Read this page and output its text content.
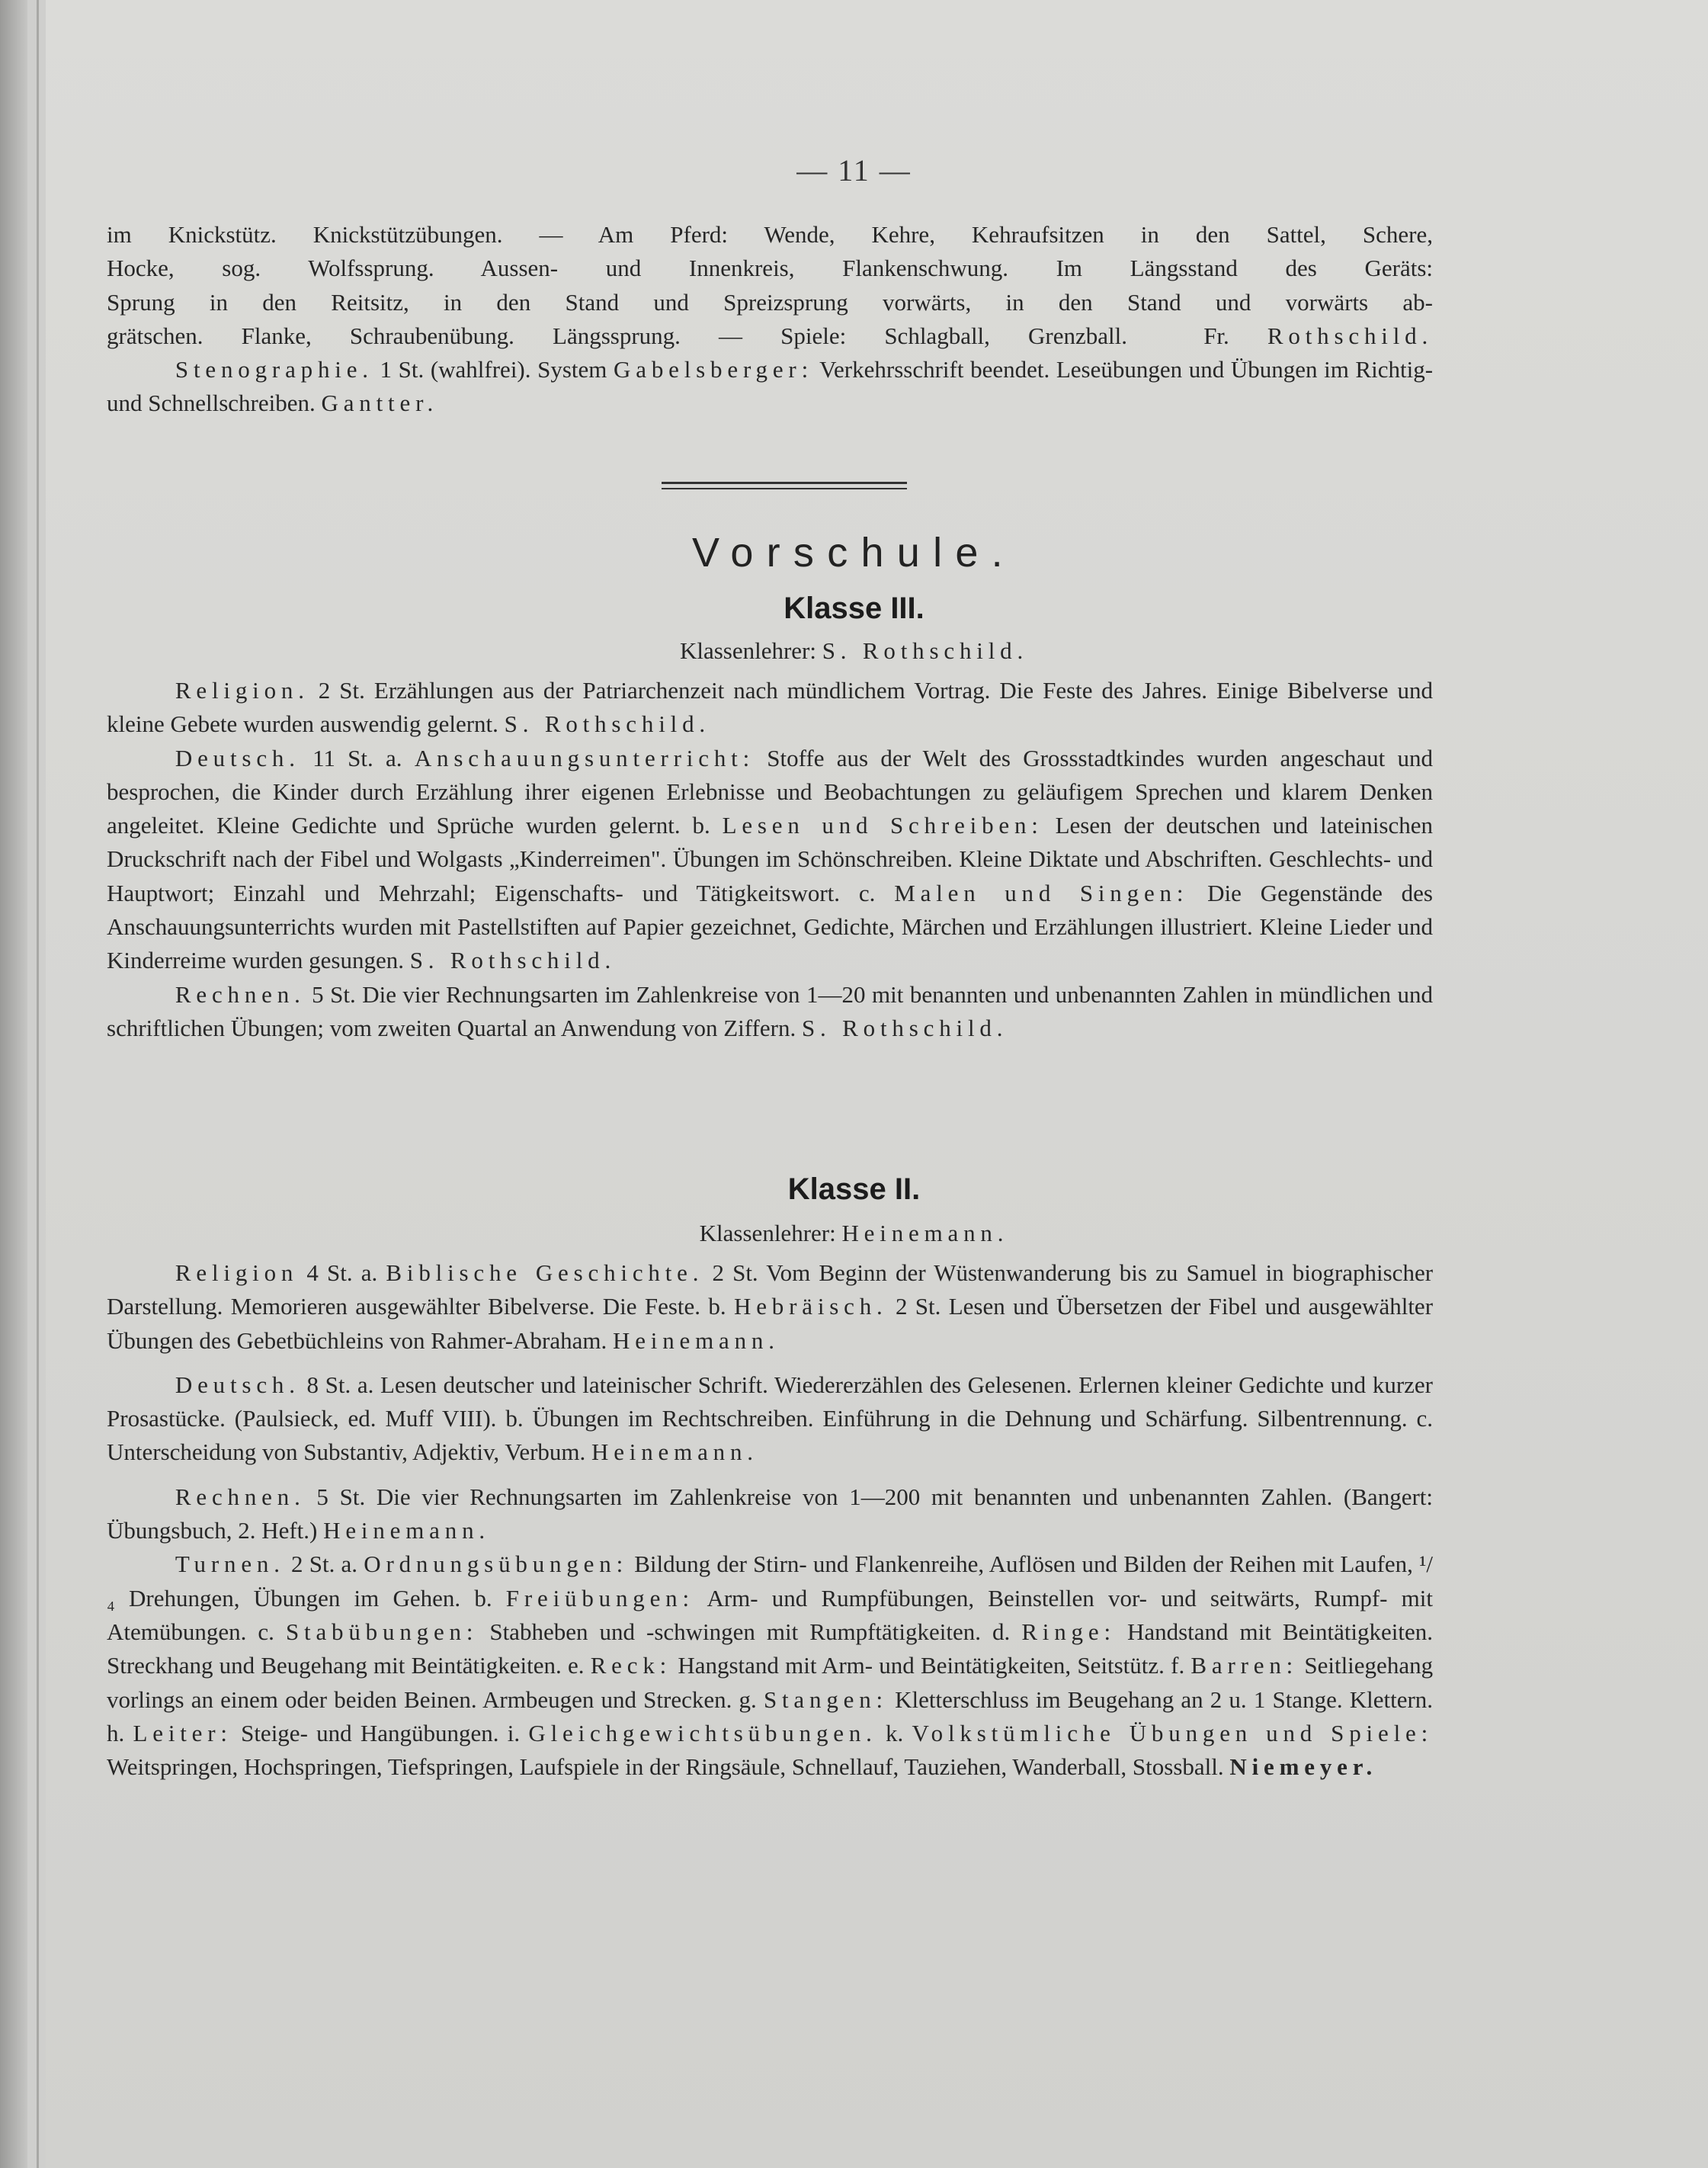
— 11 —

im Knickstütz. Knickstützübungen. — Am Pferd: Wende, Kehre, Kehraufsitzen in den Sattel, Schere,

Hocke, sog. Wolfssprung. Aussen- und Innenkreis, Flankenschwung. Im Längsstand des Geräts:

Sprung in den Reitsitz, in den Stand und Spreizsprung vorwärts, in den Stand und vorwärts ab-

grätschen. Flanke, Schraubenübung. Längssprung. — Spiele: Schlagball, Grenzball.  Fr. Rothschild.

Stenographie. 1 St. (wahlfrei). System Gabelsberger: Verkehrsschrift beendet. Leseübungen und Übungen im Richtig- und Schnellschreiben. Gantter.

Vorschule.
Klasse III.
Klassenlehrer: S. Rothschild.

Religion. 2 St. Erzählungen aus der Patriarchenzeit nach mündlichem Vortrag. Die Feste des Jahres. Einige Bibelverse und kleine Gebete wurden auswendig gelernt. S. Rothschild.

Deutsch. 11 St. a. Anschauungsunterricht: Stoffe aus der Welt des Grossstadtkindes wurden angeschaut und besprochen, die Kinder durch Erzählung ihrer eigenen Erlebnisse und Beobachtungen zu geläufigem Sprechen und klarem Denken angeleitet. Kleine Gedichte und Sprüche wurden gelernt. b. Lesen und Schreiben: Lesen der deutschen und lateinischen Druckschrift nach der Fibel und Wolgasts „Kinderreimen". Übungen im Schönschreiben. Kleine Diktate und Abschriften. Geschlechts- und Hauptwort; Einzahl und Mehrzahl; Eigenschafts- und Tätigkeitswort. c. Malen und Singen: Die Gegenstände des Anschauungsunterrichts wurden mit Pastellstiften auf Papier gezeichnet, Gedichte, Märchen und Erzählungen illustriert. Kleine Lieder und Kinderreime wurden gesungen. S. Rothschild.

Rechnen. 5 St. Die vier Rechnungsarten im Zahlenkreise von 1—20 mit benannten und unbenannten Zahlen in mündlichen und schriftlichen Übungen; vom zweiten Quartal an Anwendung von Ziffern. S. Rothschild.

Klasse II.
Klassenlehrer: Heinemann.

Religion 4 St. a. Biblische Geschichte. 2 St. Vom Beginn der Wüstenwanderung bis zu Samuel in biographischer Darstellung. Memorieren ausgewählter Bibelverse. Die Feste. b. Hebräisch. 2 St. Lesen und Übersetzen der Fibel und ausgewählter Übungen des Gebetbüchleins von Rahmer-Abraham. Heinemann.

Deutsch. 8 St. a. Lesen deutscher und lateinischer Schrift. Wiedererzählen des Gelesenen. Erlernen kleiner Gedichte und kurzer Prosastücke. (Paulsieck, ed. Muff VIII). b. Übungen im Rechtschreiben. Einführung in die Dehnung und Schärfung. Silbentrennung. c. Unterscheidung von Substantiv, Adjektiv, Verbum. Heinemann.

Rechnen. 5 St. Die vier Rechnungsarten im Zahlenkreise von 1—200 mit benannten und unbenannten Zahlen. (Bangert: Übungsbuch, 2. Heft.) Heinemann.

Turnen. 2 St. a. Ordnungsübungen: Bildung der Stirn- und Flankenreihe, Auflösen und Bilden der Reihen mit Laufen, ¹/₄ Drehungen, Übungen im Gehen. b. Freiübungen: Arm- und Rumpfübungen, Beinstellen vor- und seitwärts, Rumpf- mit Atemübungen. c. Stabübungen: Stabheben und -schwingen mit Rumpftätigkeiten. d. Ringe: Handstand mit Beintätigkeiten. Streckhang und Beugehang mit Beintätigkeiten. e. Reck: Hangstand mit Arm- und Beintätigkeiten, Seitstütz. f. Barren: Seitliegehang vorlings an einem oder beiden Beinen. Armbeugen und Strecken. g. Stangen: Kletterschluss im Beugehang an 2 u. 1 Stange. Klettern. h. Leiter: Steige- und Hangübungen. i. Gleichgewichtsübungen. k. Volkstümliche Übungen und Spiele: Weitspringen, Hochspringen, Tiefspringen, Laufspiele in der Ringsäule, Schnellauf, Tauziehen, Wanderball, Stossball. Niemeyer.
